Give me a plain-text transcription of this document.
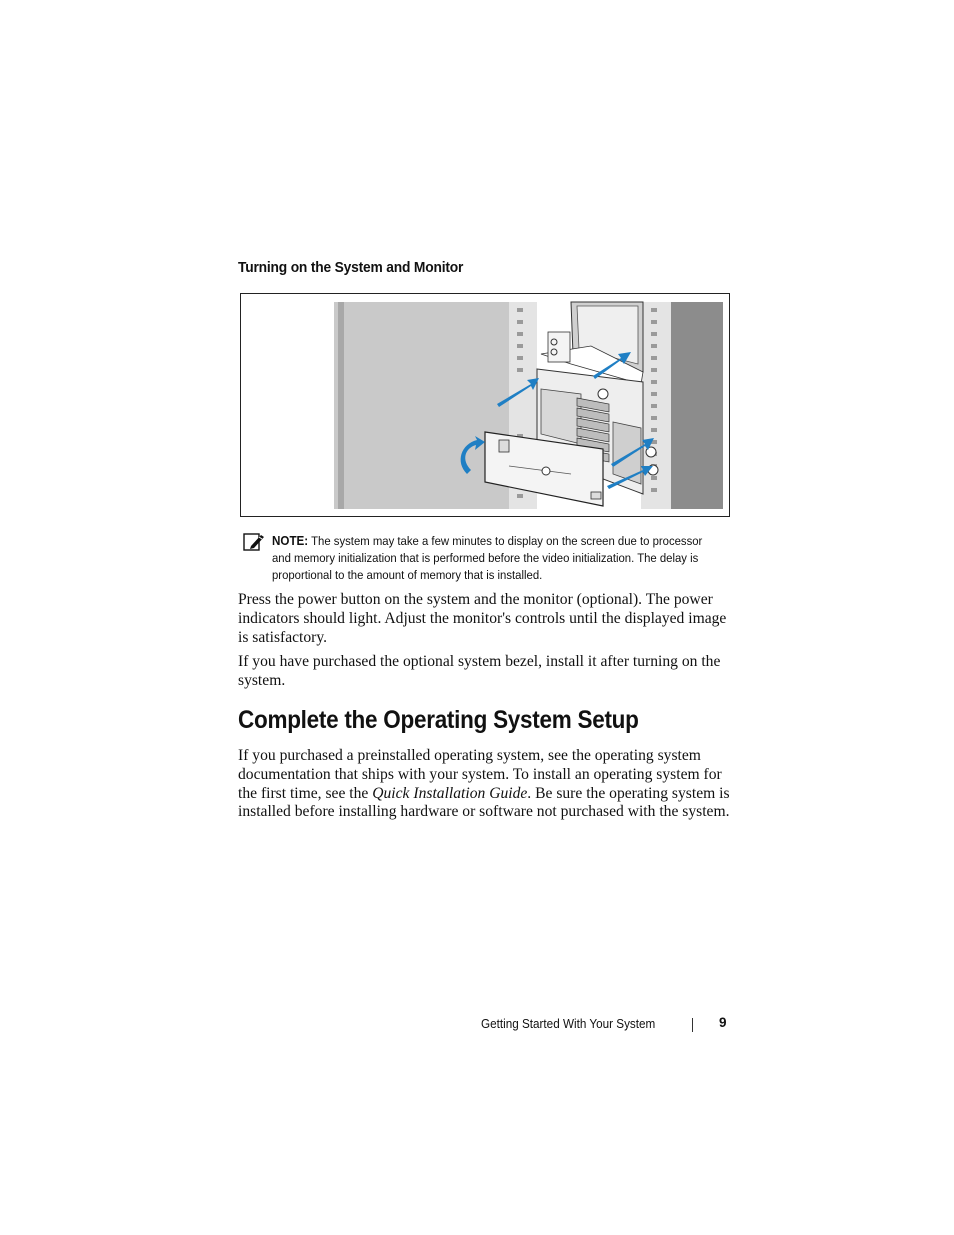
Turning on the System and Monitor
NOTE: The system may take a few minutes to display on the screen due to processor and memory initialization that is performed before the video initialization. The delay is proportional to the amount of memory that is installed.
Press the power button on the system and the monitor (optional). The power indicators should light. Adjust the monitor's controls until the displayed image is satisfactory.
If you have purchased the optional system bezel, install it after turning on the system.
Complete the Operating System Setup
If you purchased a preinstalled operating system, see the operating system documentation that ships with your system. To install an operating system for the first time, see the Quick Installation Guide. Be sure the operating system is installed before installing hardware or software not purchased with the system.
Getting Started With Your System	9
